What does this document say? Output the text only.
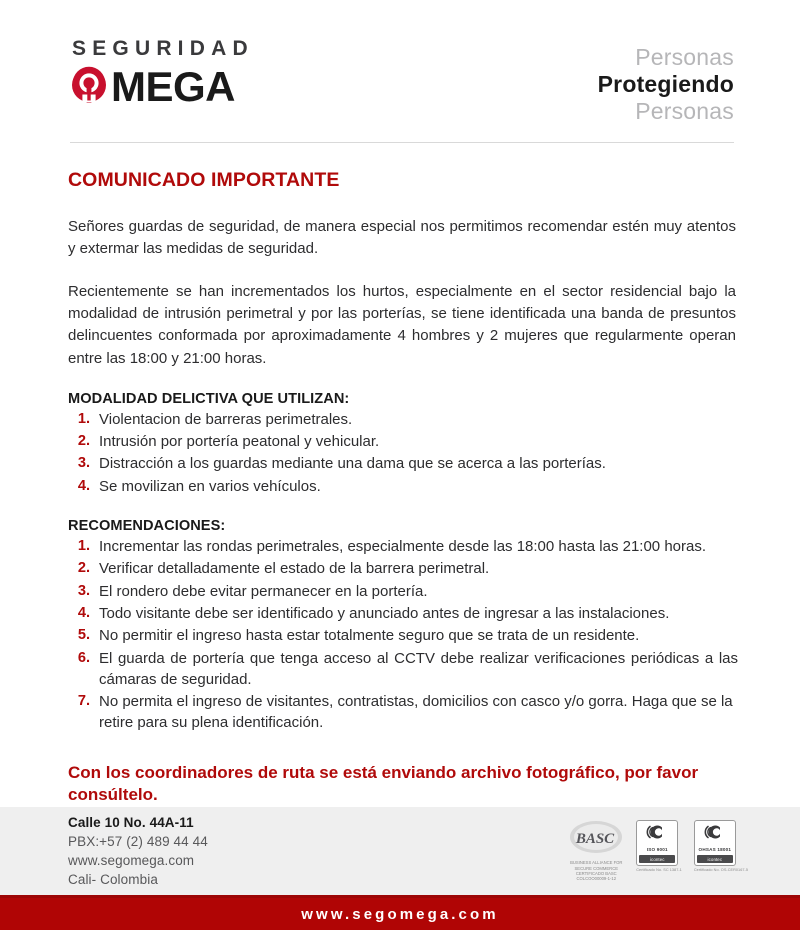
SEGURIDAD
MEGA
Personas
Protegiendo
Personas
COMUNICADO IMPORTANTE

Señores guardas de seguridad, de manera especial nos permitimos recomendar estén muy atentos y extermar las medidas de seguridad.

Recientemente se han incrementados los hurtos, especialmente en el sector residencial bajo la modalidad de intrusión perimetral y por las porterías, se tiene identificada una banda de presuntos delincuentes conformada por aproximadamente 4 hombres y 2 mujeres que regularmente operan entre las 18:00 y 21:00 horas.

MODALIDAD DELICTIVA QUE UTILIZAN:
1. Violentacion de barreras perimetrales.
2. Intrusión por portería peatonal y vehicular.
3. Distracción a los guardas mediante una dama que se acerca a las porterías.
4. Se movilizan en varios vehículos.
RECOMENDACIONES:
1. Incrementar las rondas perimetrales, especialmente desde las 18:00 hasta las 21:00 horas.
2. Verificar detalladamente el estado de la barrera perimetral.
3. El rondero debe evitar permanecer en la portería.
4. Todo visitante debe ser identificado y anunciado antes de ingresar a las instalaciones.
5. No permitir el ingreso hasta estar totalmente seguro que se trata de un residente.
6. El guarda de portería que tenga acceso al CCTV debe realizar verificaciones periódicas a las cámaras de seguridad.
7. No permita el ingreso de visitantes, contratistas, domicilios con casco y/o gorra. Haga que se la retire para su plena identificación.

Con los coordinadores de ruta se está enviando archivo fotográfico, por favor consúltelo.

Calle 10 No. 44A-11
PBX:+57 (2) 489 44 44
www.segomega.com
Cali- Colombia
BASC
BUSINESS ALLIANCE FOR SECURE COMMERCE CERTIFICADO BASC COLCOO00009-1-12
ISO 9001
icontec
Certificado No. SC 1387-1
OHSAS 18001
icontec
Certificado No. OS-CER0167-5
www.segomega.com
